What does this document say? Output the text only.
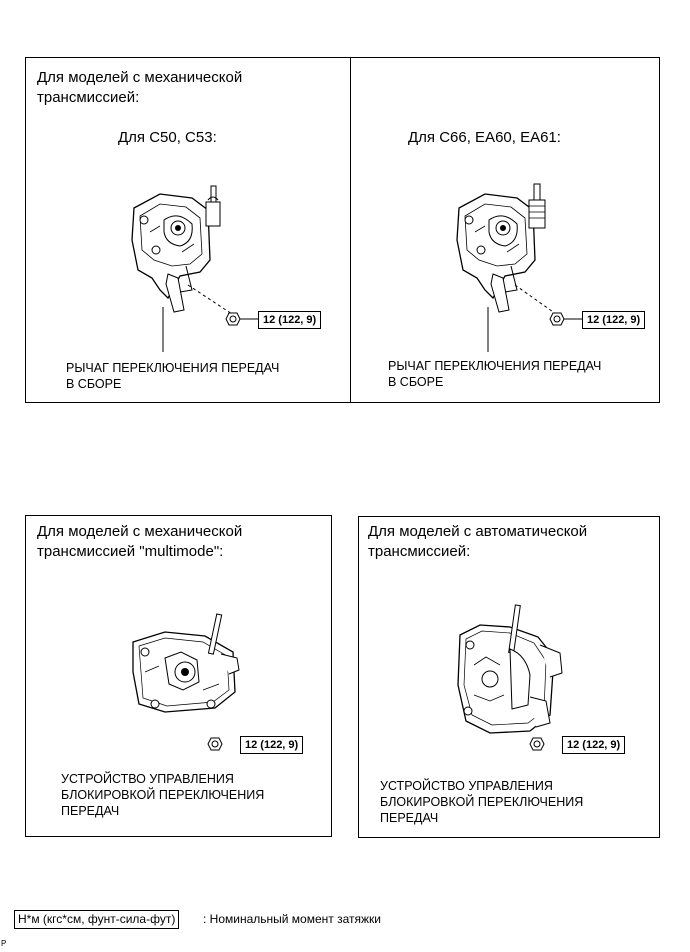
Для моделей с механической
трансмиссией:
Для C50, C53:
12 (122, 9)
РЫЧАГ ПЕРЕКЛЮЧЕНИЯ ПЕРЕДАЧ
В СБОРЕ
Для C66, EA60, EA61:
12 (122, 9)
РЫЧАГ ПЕРЕКЛЮЧЕНИЯ ПЕРЕДАЧ
В СБОРЕ
Для моделей с механической
трансмиссией "multimode":
12 (122, 9)
УСТРОЙСТВО УПРАВЛЕНИЯ
БЛОКИРОВКОЙ ПЕРЕКЛЮЧЕНИЯ
ПЕРЕДАЧ
Для моделей с автоматической
трансмиссией:
12 (122, 9)
УСТРОЙСТВО УПРАВЛЕНИЯ
БЛОКИРОВКОЙ ПЕРЕКЛЮЧЕНИЯ
ПЕРЕДАЧ
Н*м (кгс*см, фунт-сила-фут)	: Номинальный момент затяжки
P
